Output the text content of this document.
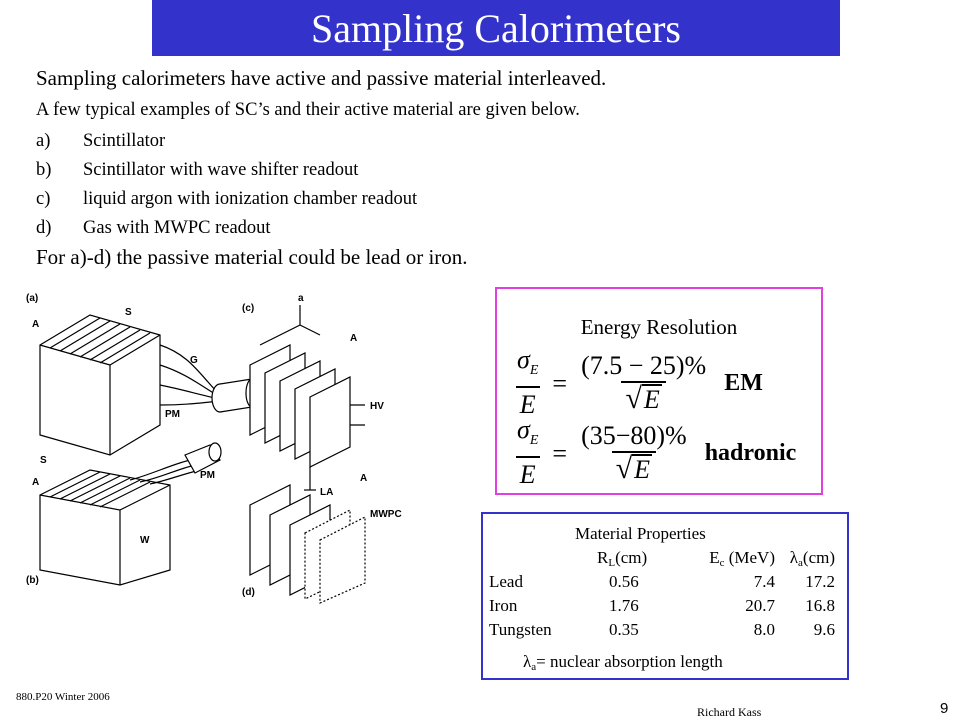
Sampling Calorimeters
Sampling calorimeters have active and passive material interleaved.
A few typical examples of SC’s and their active material are given below.
a)	Scintillator
b)	Scintillator with wave shifter readout
c)	liquid argon with ionization chamber readout
d)	Gas with MWPC readout
For a)-d) the passive material could be lead or iron.
(a)
S
A
G
PM
(b)
S
A
PM
W
(c)
a
A
HV
LA
(d)
A
MWPC
Energy Resolution
$\frac{\sigma_E}{E} = \frac{(7.5 - 25)\%}{√ E}$ EM
$\frac{\sigma_E}{E} = \frac{(35-80)\%}{√ E}$ hadronic
Material Properties
	RL(cm)	Ec (MeV)	λa(cm)
Lead	0.56	7.4	17.2
Iron	1.76	20.7	16.8
Tungsten	0.35	8.0	9.6
λa= nuclear absorption length
880.P20 Winter 2006
Richard Kass	9
